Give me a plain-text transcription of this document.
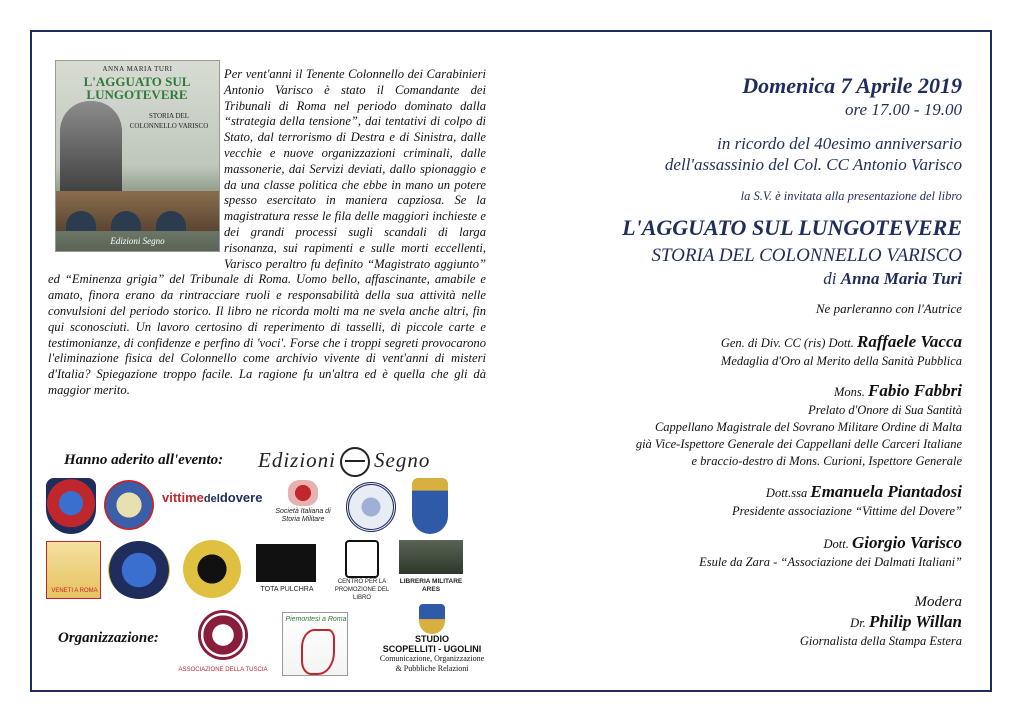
ANNA MARIA TURI
L'AGGUATO SUL
LUNGOTEVERE
STORIA DEL
COLONNELLO VARISCO
Edizioni Segno
Per vent'anni il Tenente Colonnello dei Carabinieri Antonio Varisco è stato il Comandante dei Tribunali di Roma nel periodo dominato dalla “strategia della tensione”, dai tentativi di colpo di Stato, dal terrorismo di Destra e di Sinistra, dalle vecchie e nuove organizzazioni criminali, dalle massonerie, dai Servizi deviati, dallo spionaggio e da una classe politica che ebbe in mano un potere spesso esercitato in maniera capziosa. Se la magistratura resse le fila delle maggiori inchieste e dei grandi processi sugli scandali di larga risonanza, sui rapimenti e sulle morti eccellenti, Varisco peraltro fu definito “Magistrato aggiunto” ed “Eminenza grigia” del Tribunale di Roma. Uomo bello, affascinante, amabile e amato, finora erano da rintracciare ruoli e responsabilità della sua attività nelle convulsioni del periodo storico. Il libro ne ricorda molti ma ne svela anche altri, fin qui sconosciuti. Un lavoro certosino di reperimento di tasselli, di piccole carte e testimonianze, di confidenze e perfino di 'voci'. Forse che i troppi segreti provocarono l'eliminazione fisica del Colonnello come archivio vivente di vent'anni di misteri d'Italia? Spiegazione troppo facile. La ragione fu un'altra ed è quella che gli dà maggior merito.
Hanno aderito all'evento: Edizioni Segno
vittimedeldovere
Società Italiana di Storia Militare
VENETI A ROMA	TOTA PULCHRA
CENTRO PER LA PROMOZIONE DEL LIBRO
LIBRERIA MILITARE ARES
Organizzazione:
ASSOCIAZIONE DELLA TUSCIA
Piemontesi a Roma
STUDIO
SCOPELLITI - UGOLINI
Comunicazione, Organizzazione
& Pubbliche Relazioni
Domenica 7 Aprile 2019
ore 17.00 - 19.00
in ricordo del 40esimo anniversario
dell'assassinio del Col. CC Antonio Varisco
la S.V. è invitata alla presentazione del libro
L'AGGUATO SUL LUNGOTEVERE
STORIA DEL COLONNELLO VARISCO
di Anna Maria Turi
Ne parleranno con l'Autrice
Gen. di Div. CC (ris) Dott. Raffaele Vacca
Medaglia d'Oro al Merito della Sanità Pubblica
Mons. Fabio Fabbri
Prelato d'Onore di Sua Santità
Cappellano Magistrale del Sovrano Militare Ordine di Malta
già Vice-Ispettore Generale dei Cappellani delle Carceri Italiane
e braccio-destro di Mons. Curioni, Ispettore Generale
Dott.ssa Emanuela Piantadosi
Presidente associazione “Vittime del Dovere”
Dott. Giorgio Varisco
Esule da Zara - “Associazione dei Dalmati Italiani”
Modera
Dr. Philip Willan
Giornalista della Stampa Estera
